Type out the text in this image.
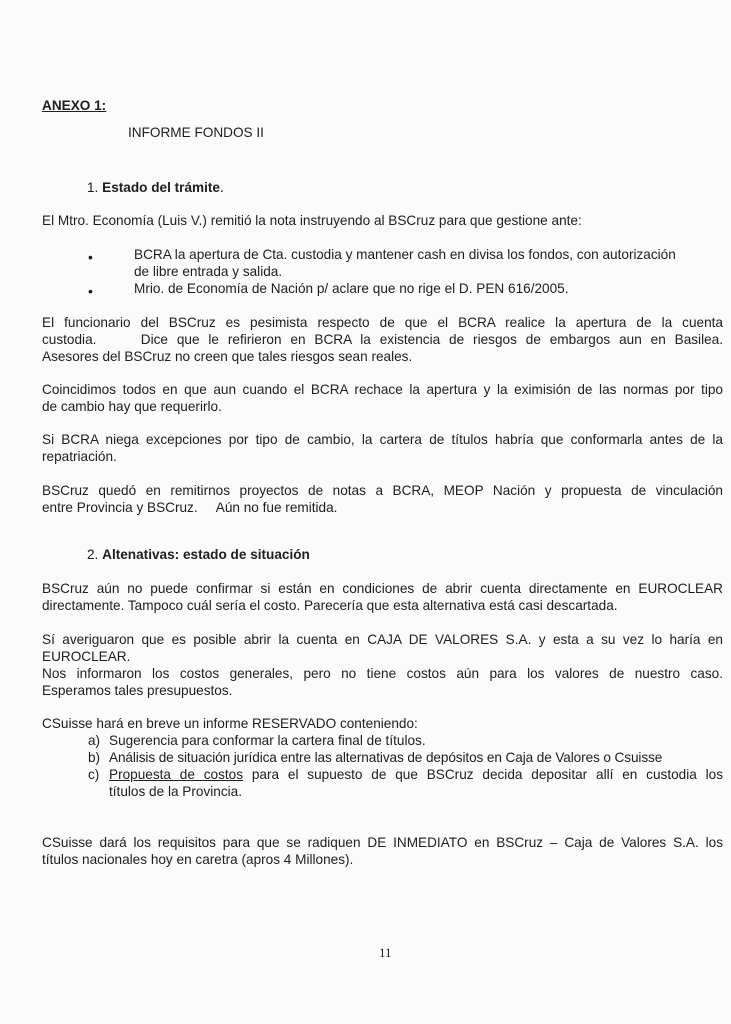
ANEXO 1:
INFORME FONDOS II
1. Estado del trámite.
El Mtro. Economía (Luis V.) remitió la nota instruyendo al BSCruz para que gestione ante:
•	BCRA la apertura de Cta. custodia y mantener cash en divisa los fondos, con autorización
de libre entrada y salida.
•	Mrio. de Economía de Nación p/ aclare que no rige el D. PEN 616/2005.
El funcionario del BSCruz es pesimista respecto de que el BCRA realice la apertura de la cuenta
custodia.     Dice que le refirieron en BCRA la existencia de riesgos de embargos aun en Basilea.
Asesores del BSCruz no creen que tales riesgos sean reales.
Coincidimos todos en que aun cuando el BCRA rechace la apertura y la eximisión de las normas por tipo
de cambio hay que requerirlo.
Si BCRA niega excepciones por tipo de cambio, la cartera de títulos habría que conformarla antes de la
repatriación.
BSCruz quedó en remitirnos proyectos de notas a BCRA, MEOP Nación y propuesta de vinculación
entre Provincia y BSCruz.     Aún no fue remitida.
2. Altenativas: estado de situación
BSCruz aún no puede confirmar si están en condiciones de abrir cuenta directamente en EUROCLEAR
directamente. Tampoco cuál sería el costo. Parecería que esta alternativa está casi descartada.
Sí averiguaron que es posible abrir la cuenta en CAJA DE VALORES S.A. y esta a su vez lo haría en
EUROCLEAR.
Nos informaron los costos generales, pero no tiene costos aún para los valores de nuestro caso.
Esperamos tales presupuestos.
CSuisse hará en breve un informe RESERVADO conteniendo:
a) Sugerencia para conformar la cartera final de títulos.
b) Análisis de situación jurídica entre las alternativas de depósitos en Caja de Valores o Csuisse
c) Propuesta de costos para el supuesto de que BSCruz decida depositar allí en custodia los
títulos de la Provincia.
CSuisse dará los requisitos para que se radiquen DE INMEDIATO en BSCruz – Caja de Valores S.A. los
títulos nacionales hoy en caretra (apros 4 Millones).
11
